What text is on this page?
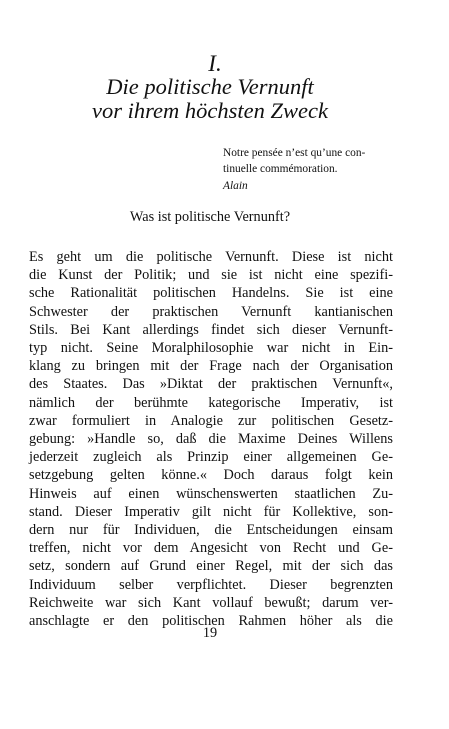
I.
Die politische Vernunft
vor ihrem höchsten Zweck
Notre pensée n’est qu’une con-
tinuelle commémoration.
Alain
Was ist politische Vernunft?
Es geht um die politische Vernunft. Diese ist nicht
die Kunst der Politik; und sie ist nicht eine spezifi-
sche Rationalität politischen Handelns. Sie ist eine
Schwester der praktischen Vernunft kantianischen
Stils. Bei Kant allerdings findet sich dieser Vernunft-
typ nicht. Seine Moralphilosophie war nicht in Ein-
klang zu bringen mit der Frage nach der Organisation
des Staates. Das »Diktat der praktischen Vernunft«,
nämlich der berühmte kategorische Imperativ, ist
zwar formuliert in Analogie zur politischen Gesetz-
gebung: »Handle so, daß die Maxime Deines Willens
jederzeit zugleich als Prinzip einer allgemeinen Ge-
setzgebung gelten könne.« Doch daraus folgt kein
Hinweis auf einen wünschenswerten staatlichen Zu-
stand. Dieser Imperativ gilt nicht für Kollektive, son-
dern nur für Individuen, die Entscheidungen einsam
treffen, nicht vor dem Angesicht von Recht und Ge-
setz, sondern auf Grund einer Regel, mit der sich das
Individuum selber verpflichtet. Dieser begrenzten
Reichweite war sich Kant vollauf bewußt; darum ver-
anschlagte er den politischen Rahmen höher als die
19
